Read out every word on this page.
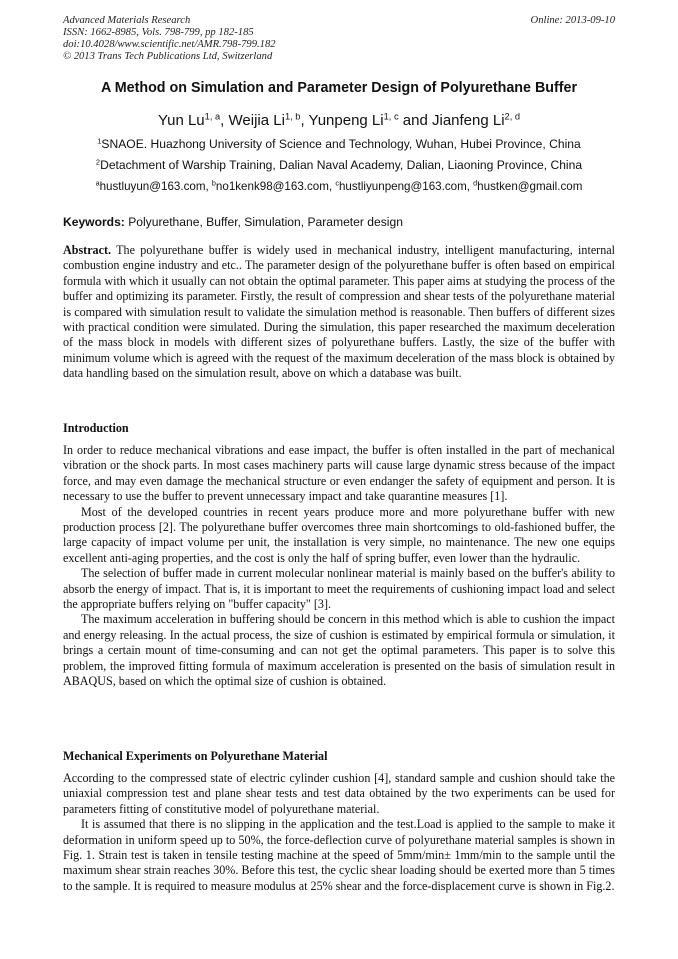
Advanced Materials Research	Online: 2013-09-10
ISSN: 1662-8985, Vols. 798-799, pp 182-185
doi:10.4028/www.scientific.net/AMR.798-799.182
© 2013 Trans Tech Publications Ltd, Switzerland
A Method on Simulation and Parameter Design of Polyurethane Buffer
Yun Lu$^{1, a}$, Weijia Li$^{1, b}$, Yunpeng Li$^{1, c}$ and Jianfeng Li$^{2, d}$
$^1$SNAOE. Huazhong University of Science and Technology, Wuhan, Hubei Province, China
$^2$Detachment of Warship Training, Dalian Naval Academy, Dalian, Liaoning Province, China
$^a$hustluyun@163.com, $^b$no1kenk98@163.com, $^c$hustliyunpeng@163.com, $^d$hustken@gmail.com
Keywords: Polyurethane, Buffer, Simulation, Parameter design

Abstract. The polyurethane buffer is widely used in mechanical industry, intelligent manufacturing, internal combustion engine industry and etc.. The parameter design of the polyurethane buffer is often based on empirical formula with which it usually can not obtain the optimal parameter. This paper aims at studying the process of the buffer and optimizing its parameter. Firstly, the result of compression and shear tests of the polyurethane material is compared with simulation result to validate the simulation method is reasonable. Then buffers of different sizes with practical condition were simulated. During the simulation, this paper researched the maximum deceleration of the mass block in models with different sizes of polyurethane buffers. Lastly, the size of the buffer with minimum volume which is agreed with the request of the maximum deceleration of the mass block is obtained by data handling based on the simulation result, above on which a database was built.

Introduction

In order to reduce mechanical vibrations and ease impact, the buffer is often installed in the part of mechanical vibration or the shock parts. In most cases machinery parts will cause large dynamic stress because of the impact force, and may even damage the mechanical structure or even endanger the safety of equipment and person. It is necessary to use the buffer to prevent unnecessary impact and take quarantine measures [1].

Most of the developed countries in recent years produce more and more polyurethane buffer with new production process [2]. The polyurethane buffer overcomes three main shortcomings to old-fashioned buffer, the large capacity of impact volume per unit, the installation is very simple, no maintenance. The new one equips excellent anti-aging properties, and the cost is only the half of spring buffer, even lower than the hydraulic.

The selection of buffer made in current molecular nonlinear material is mainly based on the buffer's ability to absorb the energy of impact. That is, it is important to meet the requirements of cushioning impact load and select the appropriate buffers relying on "buffer capacity" [3].

The maximum acceleration in buffering should be concern in this method which is able to cushion the impact and energy releasing. In the actual process, the size of cushion is estimated by empirical formula or simulation, it brings a certain mount of time-consuming and can not get the optimal parameters. This paper is to solve this problem, the improved fitting formula of maximum acceleration is presented on the basis of simulation result in ABAQUS, based on which the optimal size of cushion is obtained.

Mechanical Experiments on Polyurethane Material

According to the compressed state of electric cylinder cushion [4], standard sample and cushion should take the uniaxial compression test and plane shear tests and test data obtained by the two experiments can be used for parameters fitting of constitutive model of polyurethane material.

It is assumed that there is no slipping in the application and the test.Load is applied to the sample to make it deformation in uniform speed up to 50%, the force-deflection curve of polyurethane material samples is shown in Fig. 1. Strain test is taken in tensile testing machine at the speed of 5mm/min± 1mm/min to the sample until the maximum shear strain reaches 30%. Before this test, the cyclic shear loading should be exerted more than 5 times to the sample. It is required to measure modulus at 25% shear and the force-displacement curve is shown in Fig.2.
